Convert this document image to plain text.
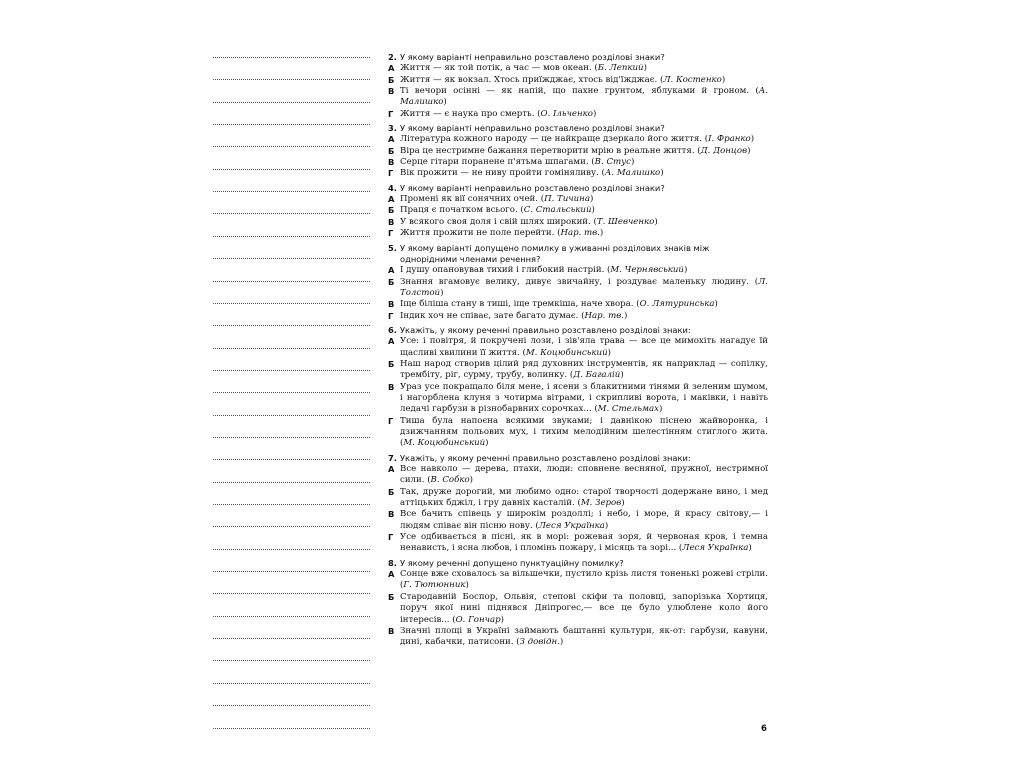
2. У якому варіанті неправильно розставлено розділові знаки?
А Життя — як той потік, а час — мов океан. (Б. Лепкий)
Б Життя — як вокзал. Хтось приїжджає, хтось від'їжджає. (Л. Костенко)
В Ті вечори осінні — як напій, що пахне грунтом, яблуками й гроном. (А. Малишко)
Г Життя — є наука про смерть. (О. Ільченко)
3. У якому варіанті неправильно розставлено розділові знаки?
А Література кожного народу — це найкраще дзеркало його життя. (І. Франко)
Б Віра це нестримне бажання перетворити мрію в реальне життя. (Д. Донцов)
В Серце гітари поранене п'ятьма шпагами. (В. Стус)
Г Вік прожити — не ниву пройти гоміняливу. (А. Малишко)
4. У якому варіанті неправильно розставлено розділові знаки?
А Промені як вії сонячних очей. (П. Тичина)
Б Праця є початком всього. (С. Стальський)
В У всякого своя доля і свій шлях широкий. (Т. Шевченко)
Г Життя прожити не поле перейти. (Нар. тв.)
5. У якому варіанті допущено помилку в уживанні розділових знаків між однорідними членами речення?
А І душу опановував тихий і глибокий настрій. (М. Чернявський)
Б Знання вгамовує велику, дивує звичайну, і роздуває маленьку людину. (Л. Толстой)
В Іще біліша стану в тиші, іще тремкіша, наче хвора. (О. Лятуринська)
Г Індик хоч не співає, зате багато думає. (Нар. тв.)
6. Укажіть, у якому реченні правильно розставлено розділові знаки:
А Усе: і повітря, й покручені лози, і зів'яла трава — все це мимохіть нагадує їй щасливі хвилини її життя. (М. Коцюбинський)
Б Наш народ створив цілий ряд духовних інструментів, як наприклад — сопілку, трембіту, ріг, сурму, трубу, волинку. (Д. Багалій)
В Ураз усе покращало біля мене, і ясени з блакитними тінями й зеленим шумом, і нагорблена клуня з чотирма вітрами, і скрипливі ворота, і маківки, і навіть ледачі гарбузи в різнобарвних сорочках... (М. Стельмах)
Г Тиша була напоєна всякими звуками; і давнікою піснею жайворонка, і дзижчанням польових мух, і тихим мелодійним шелестінням стиглого жита. (М. Коцюбинський)
7. Укажіть, у якому реченні правильно розставлено розділові знаки:
А Все навколо — дерева, птахи, люди: сповнене весняної, пружної, нестримної сили. (В. Собко)
Б Так, друже дорогий, ми любимо одно: старої творчості додержане вино, і мед аттіцьких бджіл, і гру давніх касталій. (М. Зеров)
В Все бачить співець у широкім роздоллі; і небо, і море, й красу світову,— і людям співає він пісню нову. (Леся Українка)
Г Усе одбивається в пісні, як в морі: рожевая зоря, й червоная кров, і темна ненависть, і ясна любов, і пломінь пожару, і місяць та зорі... (Леся Українка)
8. У якому реченні допущено пунктуаційну помилку?
А Сонце вже сховалось за вільшечки, пустило крізь листя тоненькі рожеві стріли. (Г. Тютюнник)
Б Стародавній Боспор, Ольвія, степові скіфи та половці, запорізька Хортиця, поруч якої нині піднявся Дніпрогес,— все це було улюблене коло його інтересів... (О. Гончар)
В Значні площі в Україні займають баштанні культури, як-от: гарбузи, кавуни, дині, кабачки, патисони. (З довідн.)
6
